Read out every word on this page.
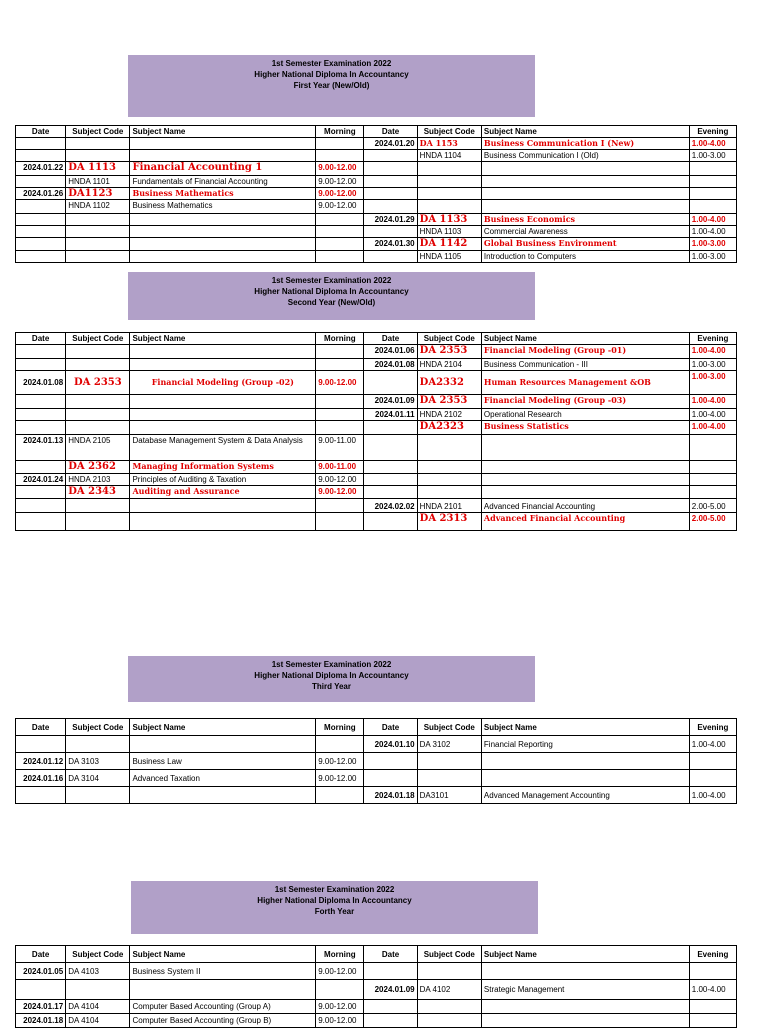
1st Semester Examination 2022
Higher National Diploma In Accountancy
First Year (New/Old)
Date	Subject Code	Subject Name	Morning	Date	Subject Code	Subject Name	Evening
				2024.01.20	DA 1153	Business Communication I (New)	1.00-4.00
					HNDA 1104	Business Communication I (Old)	1.00-3.00
2024.01.22	DA 1113	Financial Accounting 1	9.00-12.00				
	HNDA 1101	Fundamentals of Financial Accounting	9.00-12.00				
2024.01.26	DA1123	Business Mathematics	9.00-12.00				
	HNDA 1102	Business Mathematics	9.00-12.00				
				2024.01.29	DA 1133	Business Economics	1.00-4.00
					HNDA 1103	Commercial Awareness	1.00-4.00
				2024.01.30	DA 1142	Global Business Environment	1.00-3.00
					HNDA 1105	Introduction to Computers	1.00-3.00
1st Semester Examination 2022
Higher National Diploma In Accountancy
Second Year (New/Old)
Date	Subject Code	Subject Name	Morning	Date	Subject Code	Subject Name	Evening
				2024.01.06	DA 2353	Financial Modeling (Group -01)	1.00-4.00
				2024.01.08	HNDA 2104	Business Communication - III	1.00-3.00
2024.01.08	DA 2353	Financial Modeling (Group -02)	9.00-12.00		DA2332	Human Resources Management &OB	1.00-3.00
				2024.01.09	DA 2353	Financial Modeling (Group -03)	1.00-4.00
				2024.01.11	HNDA 2102	Operational Research	1.00-4.00
					DA2323	Business Statistics	1.00-4.00
2024.01.13	HNDA 2105	Database Management System & Data Analysis	9.00-11.00				
	DA 2362	Managing Information Systems	9.00-11.00				
2024.01.24	HNDA 2103	Principles of Auditing & Taxation	9.00-12.00				
	DA 2343	Auditing and Assurance	9.00-12.00				
				2024.02.02	HNDA 2101	Advanced Financial Accounting	2.00-5.00
					DA 2313	Advanced Financial Accounting	2.00-5.00
1st Semester Examination 2022
Higher National Diploma In Accountancy
Third Year
Date	Subject Code	Subject Name	Morning	Date	Subject Code	Subject Name	Evening
				2024.01.10	DA 3102	Financial Reporting	1.00-4.00
2024.01.12	DA 3103	Business Law	9.00-12.00				
2024.01.16	DA 3104	Advanced Taxation	9.00-12.00				
				2024.01.18	DA3101	Advanced Management Accounting	1.00-4.00
1st Semester Examination 2022
Higher National Diploma In Accountancy
Forth Year
Date	Subject Code	Subject Name	Morning	Date	Subject Code	Subject Name	Evening
2024.01.05	DA 4103	Business System II	9.00-12.00				
				2024.01.09	DA 4102	Strategic Management	1.00-4.00
2024.01.17	DA 4104	Computer Based Accounting (Group A)	9.00-12.00				
2024.01.18	DA 4104	Computer Based Accounting (Group B)	9.00-12.00				
